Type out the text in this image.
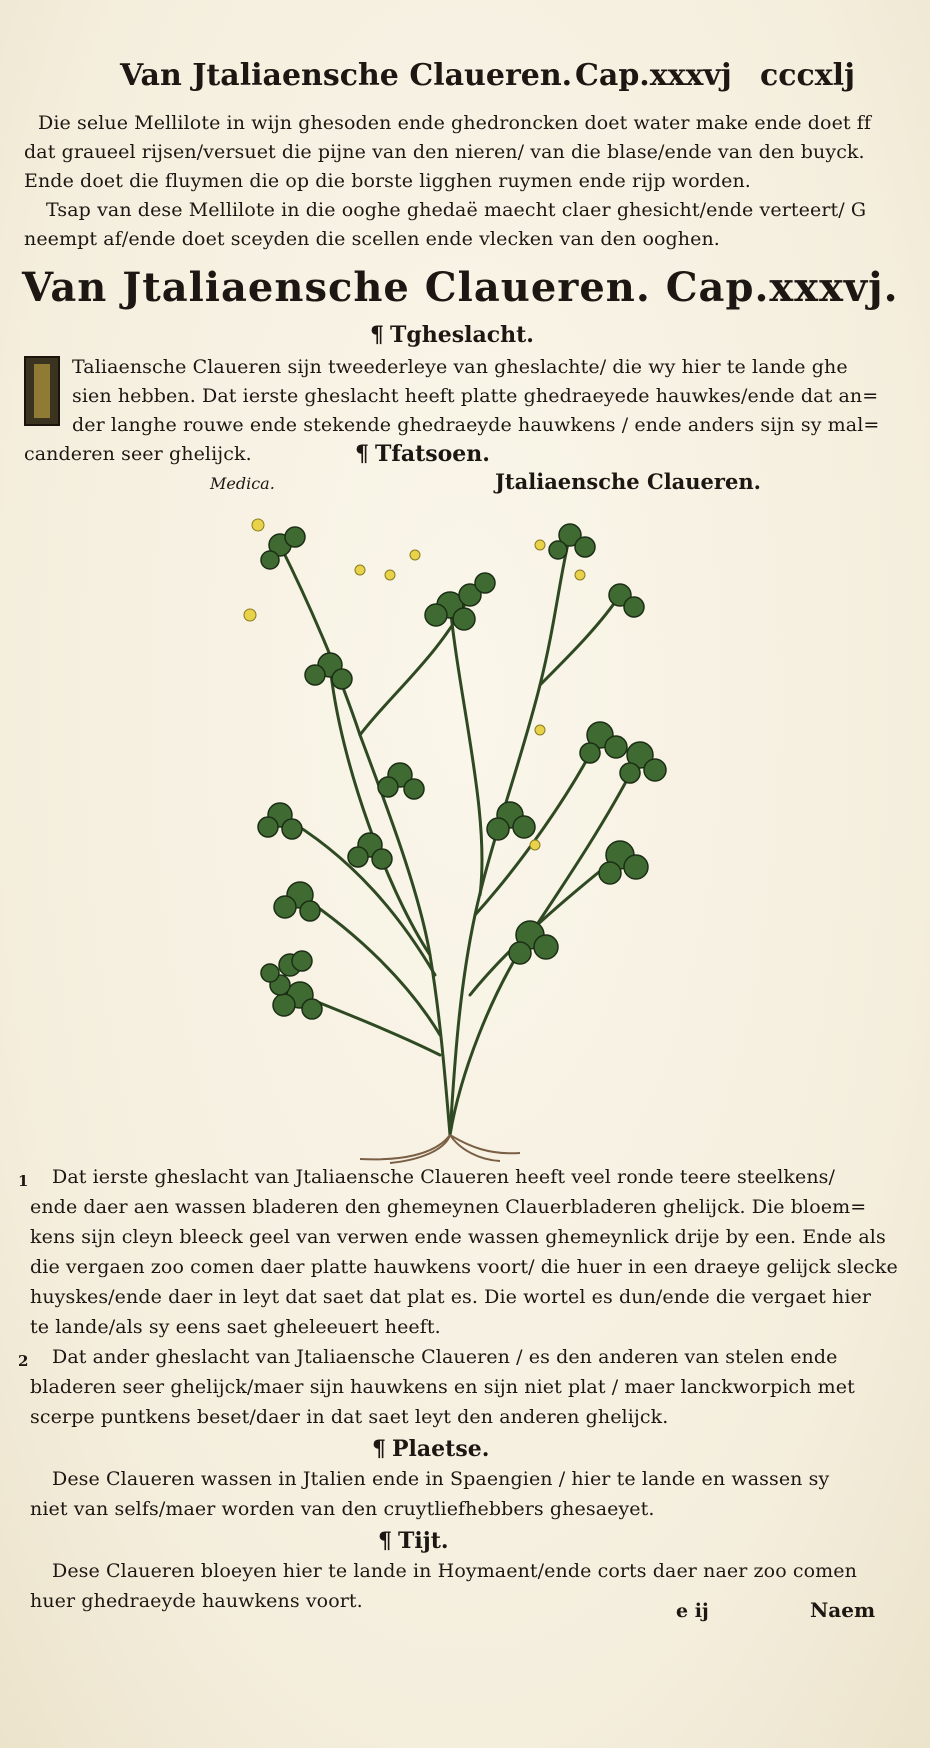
Van Jtaliaensche Claueren. Cap.xxxvj cccxlj
Die selue Mellilote in wijn ghesoden ende ghedroncken doet water make ende doet ff
dat graueel rijsen/versuet die pijne van den nieren/ van die blase/ende van den buyck.
Ende doet die fluymen die op die borste ligghen ruymen ende rijp worden.
Tsap van dese Mellilote in die ooghe ghedaë maecht claer ghesicht/ende verteert/ G
neempt af/ende doet sceyden die scellen ende vlecken van den ooghen.
Van Jtaliaensche Claueren. Cap.xxxvj.
¶ Tgheslacht.
Taliaensche Claueren sijn tweederleye van gheslachte/ die wy hier te lande ghe
sien hebben. Dat ierste gheslacht heeft platte ghedraeyede hauwkes/ende dat an=
der langhe rouwe ende stekende ghedraeyde hauwkens / ende anders sijn sy mal=
canderen seer ghelijck.	¶ Tfatsoen.
Medica.	Jtaliaensche Claueren.
1 Dat ierste gheslacht van Jtaliaensche Claueren heeft veel ronde teere steelkens/
ende daer aen wassen bladeren den ghemeynen Clauerbladeren ghelijck. Die bloem=
kens sijn cleyn bleeck geel van verwen ende wassen ghemeynlick drije by een. Ende als
die vergaen zoo comen daer platte hauwkens voort/ die huer in een draeye gelijck slecke
huyskes/ende daer in leyt dat saet dat plat es. Die wortel es dun/ende die vergaet hier
te lande/als sy eens saet gheleeuert heeft.
2 Dat ander gheslacht van Jtaliaensche Claueren / es den anderen van stelen ende
bladeren seer ghelijck/maer sijn hauwkens en sijn niet plat / maer lanckworpich met
scerpe puntkens beset/daer in dat saet leyt den anderen ghelijck.
¶ Plaetse.
Dese Claueren wassen in Jtalien ende in Spaengien / hier te lande en wassen sy
niet van selfs/maer worden van den cruytliefhebbers ghesaeyet.
¶ Tijt.
Dese Claueren bloeyen hier te lande in Hoymaent/ende corts daer naer zoo comen
huer ghedraeyde hauwkens voort.	e ij	Naem
